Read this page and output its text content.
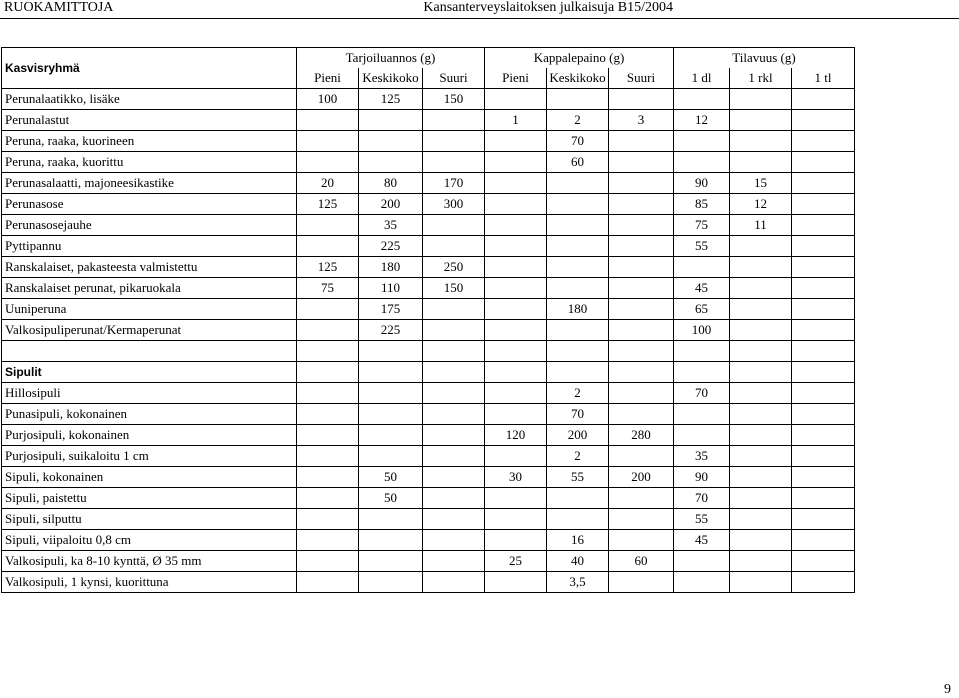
RUOKAMITTOJA	Kansanterveyslaitoksen julkaisuja B15/2004
Kasvisryhmä	Tarjoiluannos (g)			Kappalepaino (g)			Tilavuus (g)		
	Pieni	Keskikoko	Suuri	Pieni	Keskikoko	Suuri	1 dl	1 rkl	1 tl
Perunalaatikko, lisäke	100	125	150						
Perunalastut				1	2	3	12		
Peruna, raaka, kuorineen					70				
Peruna, raaka, kuorittu					60				
Perunasalaatti, majoneesikastike	20	80	170				90	15	
Perunasose	125	200	300				85	12	
Perunasosejauhe		35					75	11	
Pyttipannu		225					55		
Ranskalaiset, pakasteesta valmistettu	125	180	250						
Ranskalaiset perunat, pikaruokala	75	110	150				45		
Uuniperuna		175			180		65		
Valkosipuliperunat/Kermaperunat		225					100		

Sipulit									
Hillosipuli					2		70		
Punasipuli, kokonainen					70				
Purjosipuli, kokonainen				120	200	280			
Purjosipuli, suikaloitu 1 cm					2		35		
Sipuli, kokonainen		50		30	55	200	90		
Sipuli, paistettu		50					70		
Sipuli, silputtu							55		
Sipuli, viipaloitu 0,8 cm					16		45		
Valkosipuli, ka 8-10 kynttä, Ø 35 mm				25	40	60			
Valkosipuli, 1 kynsi, kuorittuna					3,5				
9
